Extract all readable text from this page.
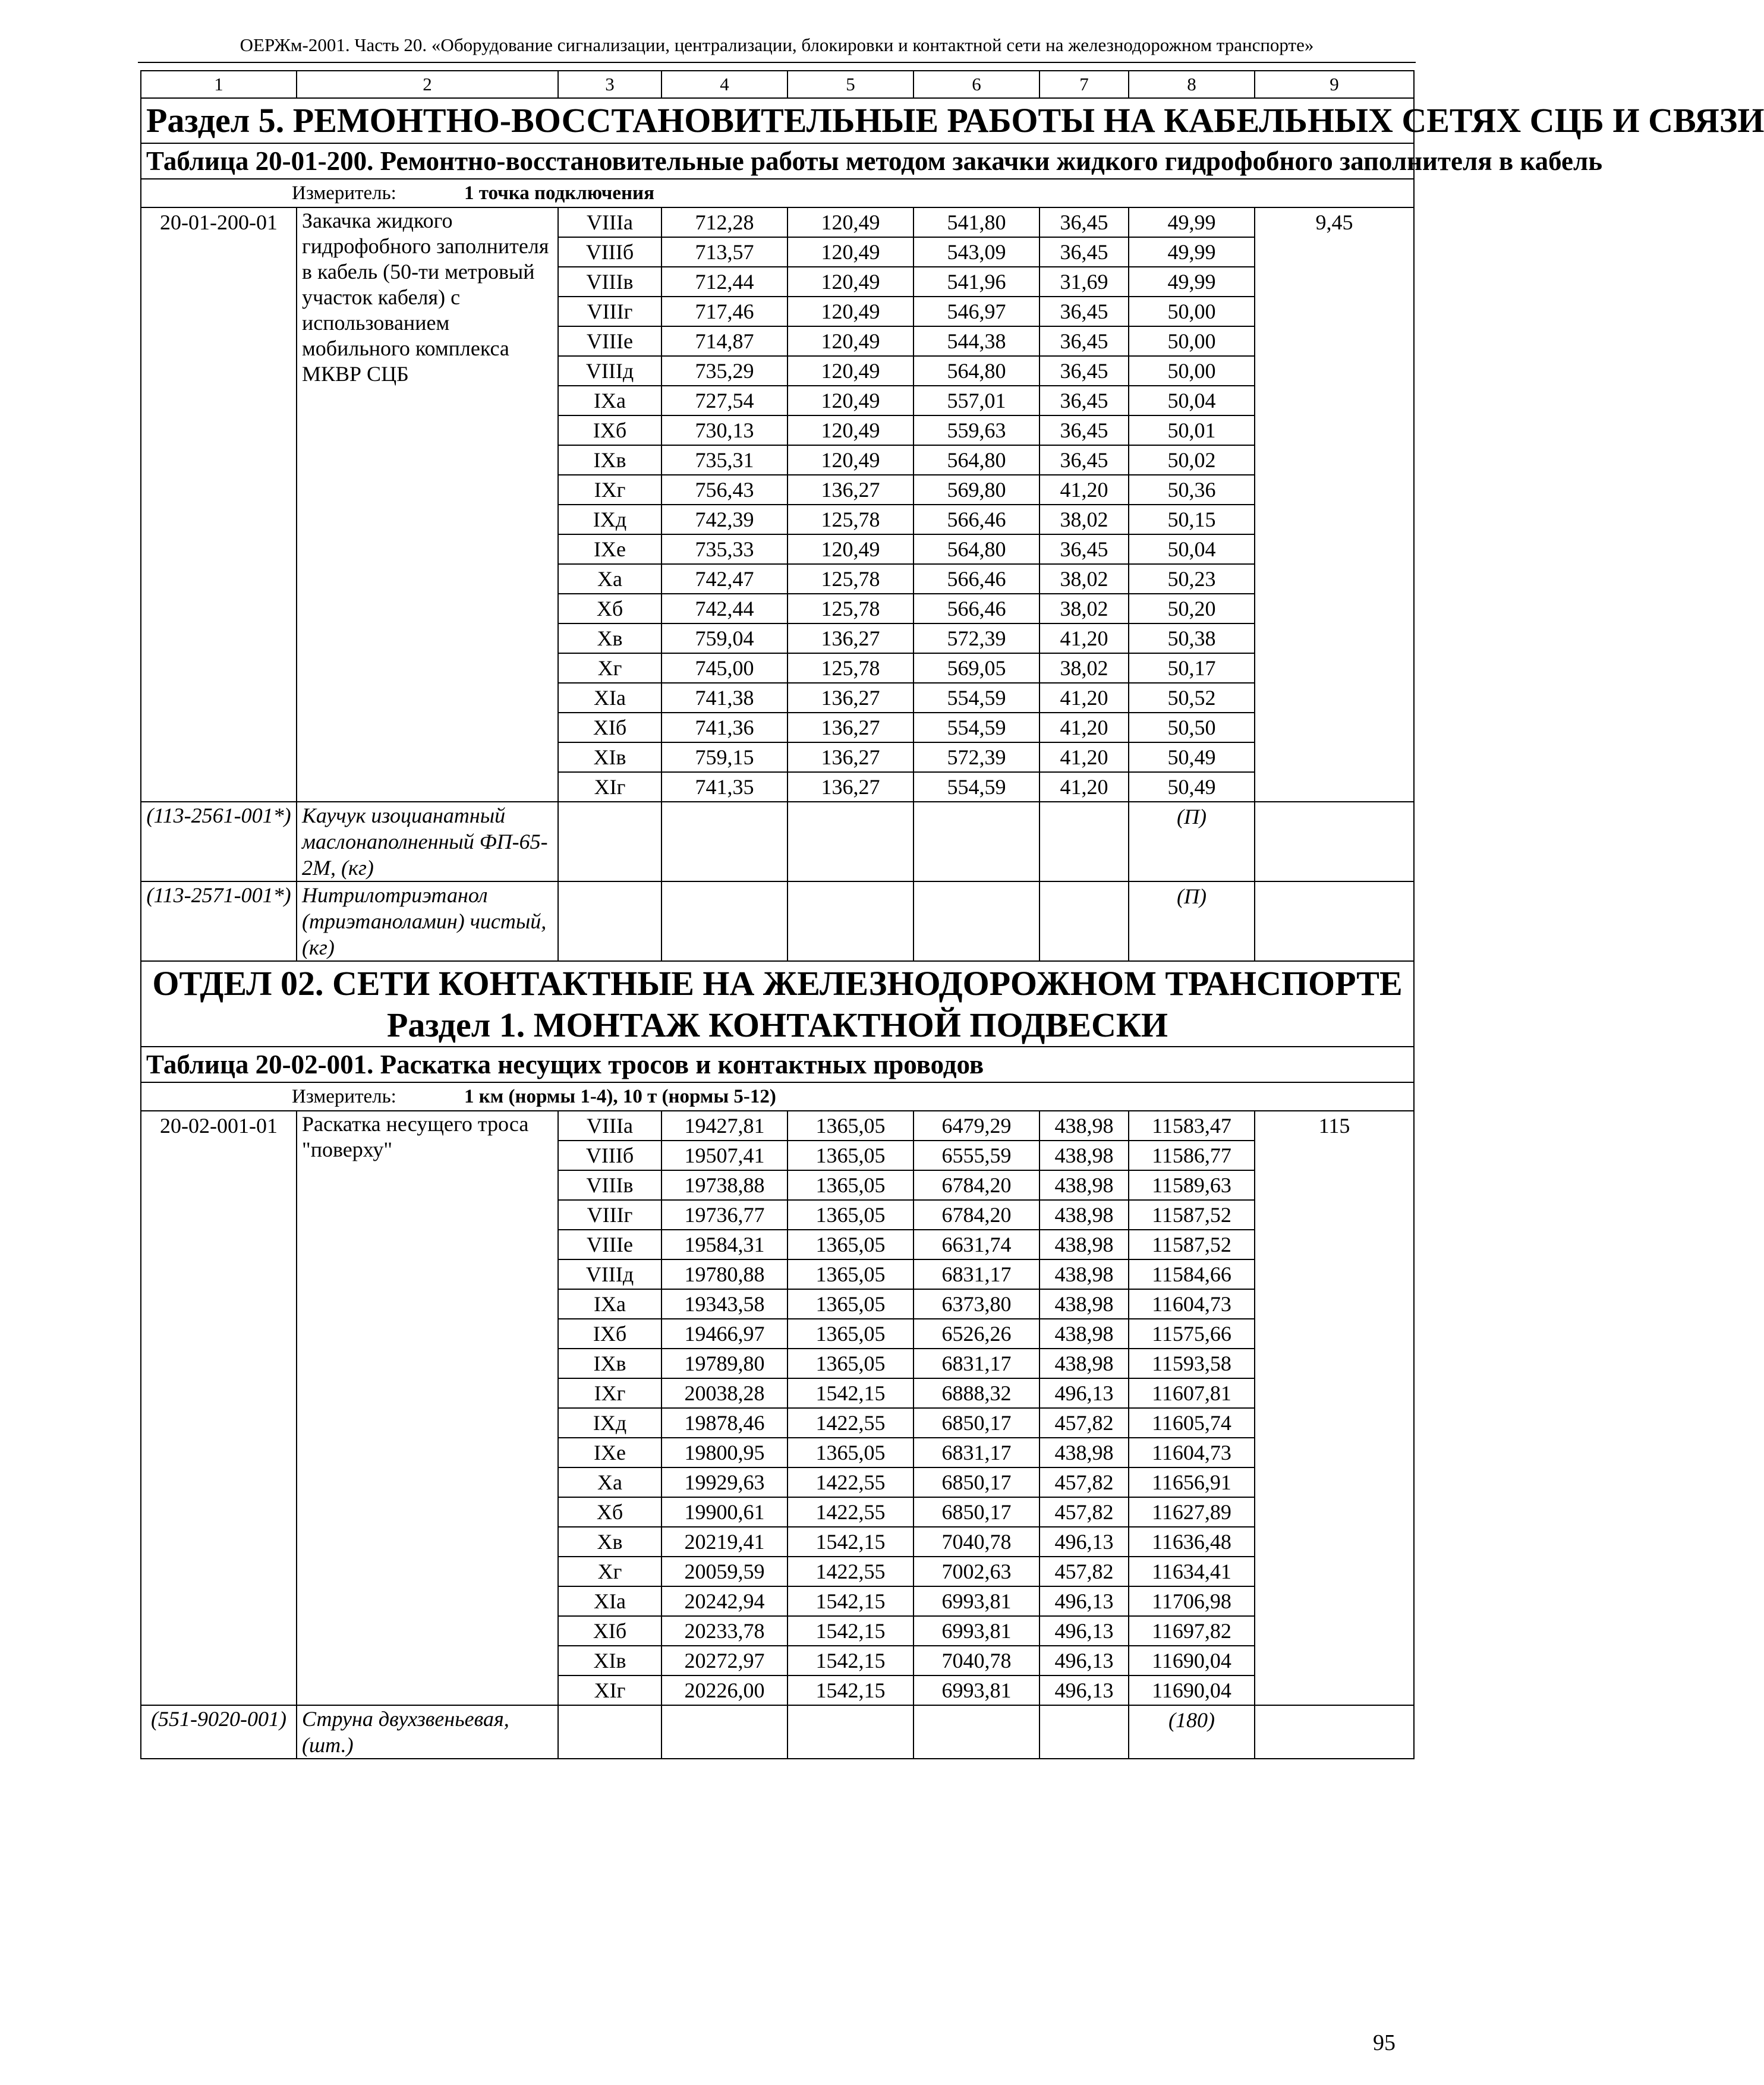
ОЕРЖм-2001. Часть 20. «Оборудование сигнализации, централизации, блокировки и контактной сети на железнодорожном транспорте»
1	2	3	4	5	6	7	8	9
Раздел 5. РЕМОНТНО-ВОССТАНОВИТЕЛЬНЫЕ РАБОТЫ НА КАБЕЛЬНЫХ СЕТЯХ СЦБ И СВЯЗИ								
Таблица 20-01-200. Ремонтно-восстановительные работы методом закачки жидкого гидрофобного заполнителя в кабель								
Измеритель: 1 точка подключения								
20-01-200-01	Закачка жидкого гидрофобного заполнителя в кабель (50-ти метровый участок кабеля) с использованием мобильного комплекса МКВР СЦБ	VIIIа	712,28	120,49	541,80	36,45	49,99	9,45
		VIIIб	713,57	120,49	543,09	36,45	49,99	
		VIIIв	712,44	120,49	541,96	31,69	49,99	
		VIIIг	717,46	120,49	546,97	36,45	50,00	
		VIIIе	714,87	120,49	544,38	36,45	50,00	
		VIIIд	735,29	120,49	564,80	36,45	50,00	
		IXа	727,54	120,49	557,01	36,45	50,04	
		IXб	730,13	120,49	559,63	36,45	50,01	
		IXв	735,31	120,49	564,80	36,45	50,02	
		IXг	756,43	136,27	569,80	41,20	50,36	
		IXд	742,39	125,78	566,46	38,02	50,15	
		IXе	735,33	120,49	564,80	36,45	50,04	
		Xа	742,47	125,78	566,46	38,02	50,23	
		Xб	742,44	125,78	566,46	38,02	50,20	
		Xв	759,04	136,27	572,39	41,20	50,38	
		Xг	745,00	125,78	569,05	38,02	50,17	
		XIа	741,38	136,27	554,59	41,20	50,52	
		XIб	741,36	136,27	554,59	41,20	50,50	
		XIв	759,15	136,27	572,39	41,20	50,49	
		XIг	741,35	136,27	554,59	41,20	50,49	
(113-2561-001*)	Каучук изоцианатный маслонаполненный ФП-65-2М, (кг)						(П)	
(113-2571-001*)	Нитрилотриэтанол (триэтаноламин) чистый, (кг)						(П)	

ОТДЕЛ 02. СЕТИ КОНТАКТНЫЕ НА ЖЕЛЕЗНОДОРОЖНОМ ТРАНСПОРТЕ
Раздел 1. МОНТАЖ КОНТАКТНОЙ ПОДВЕСКИ								

Таблица 20-02-001. Раскатка несущих тросов и контактных проводов								
Измеритель: 1 км (нормы 1-4), 10 т (нормы 5-12)								
20-02-001-01	Раскатка несущего троса "поверху"	VIIIа	19427,81	1365,05	6479,29	438,98	11583,47	115
		VIIIб	19507,41	1365,05	6555,59	438,98	11586,77	
		VIIIв	19738,88	1365,05	6784,20	438,98	11589,63	
		VIIIг	19736,77	1365,05	6784,20	438,98	11587,52	
		VIIIе	19584,31	1365,05	6631,74	438,98	11587,52	
		VIIIд	19780,88	1365,05	6831,17	438,98	11584,66	
		IXа	19343,58	1365,05	6373,80	438,98	11604,73	
		IXб	19466,97	1365,05	6526,26	438,98	11575,66	
		IXв	19789,80	1365,05	6831,17	438,98	11593,58	
		IXг	20038,28	1542,15	6888,32	496,13	11607,81	
		IXд	19878,46	1422,55	6850,17	457,82	11605,74	
		IXе	19800,95	1365,05	6831,17	438,98	11604,73	
		Xа	19929,63	1422,55	6850,17	457,82	11656,91	
		Xб	19900,61	1422,55	6850,17	457,82	11627,89	
		Xв	20219,41	1542,15	7040,78	496,13	11636,48	
		Xг	20059,59	1422,55	7002,63	457,82	11634,41	
		XIа	20242,94	1542,15	6993,81	496,13	11706,98	
		XIб	20233,78	1542,15	6993,81	496,13	11697,82	
		XIв	20272,97	1542,15	7040,78	496,13	11690,04	
		XIг	20226,00	1542,15	6993,81	496,13	11690,04	
(551-9020-001)	Струна двухзвеньевая, (шт.)						(180)	
95
